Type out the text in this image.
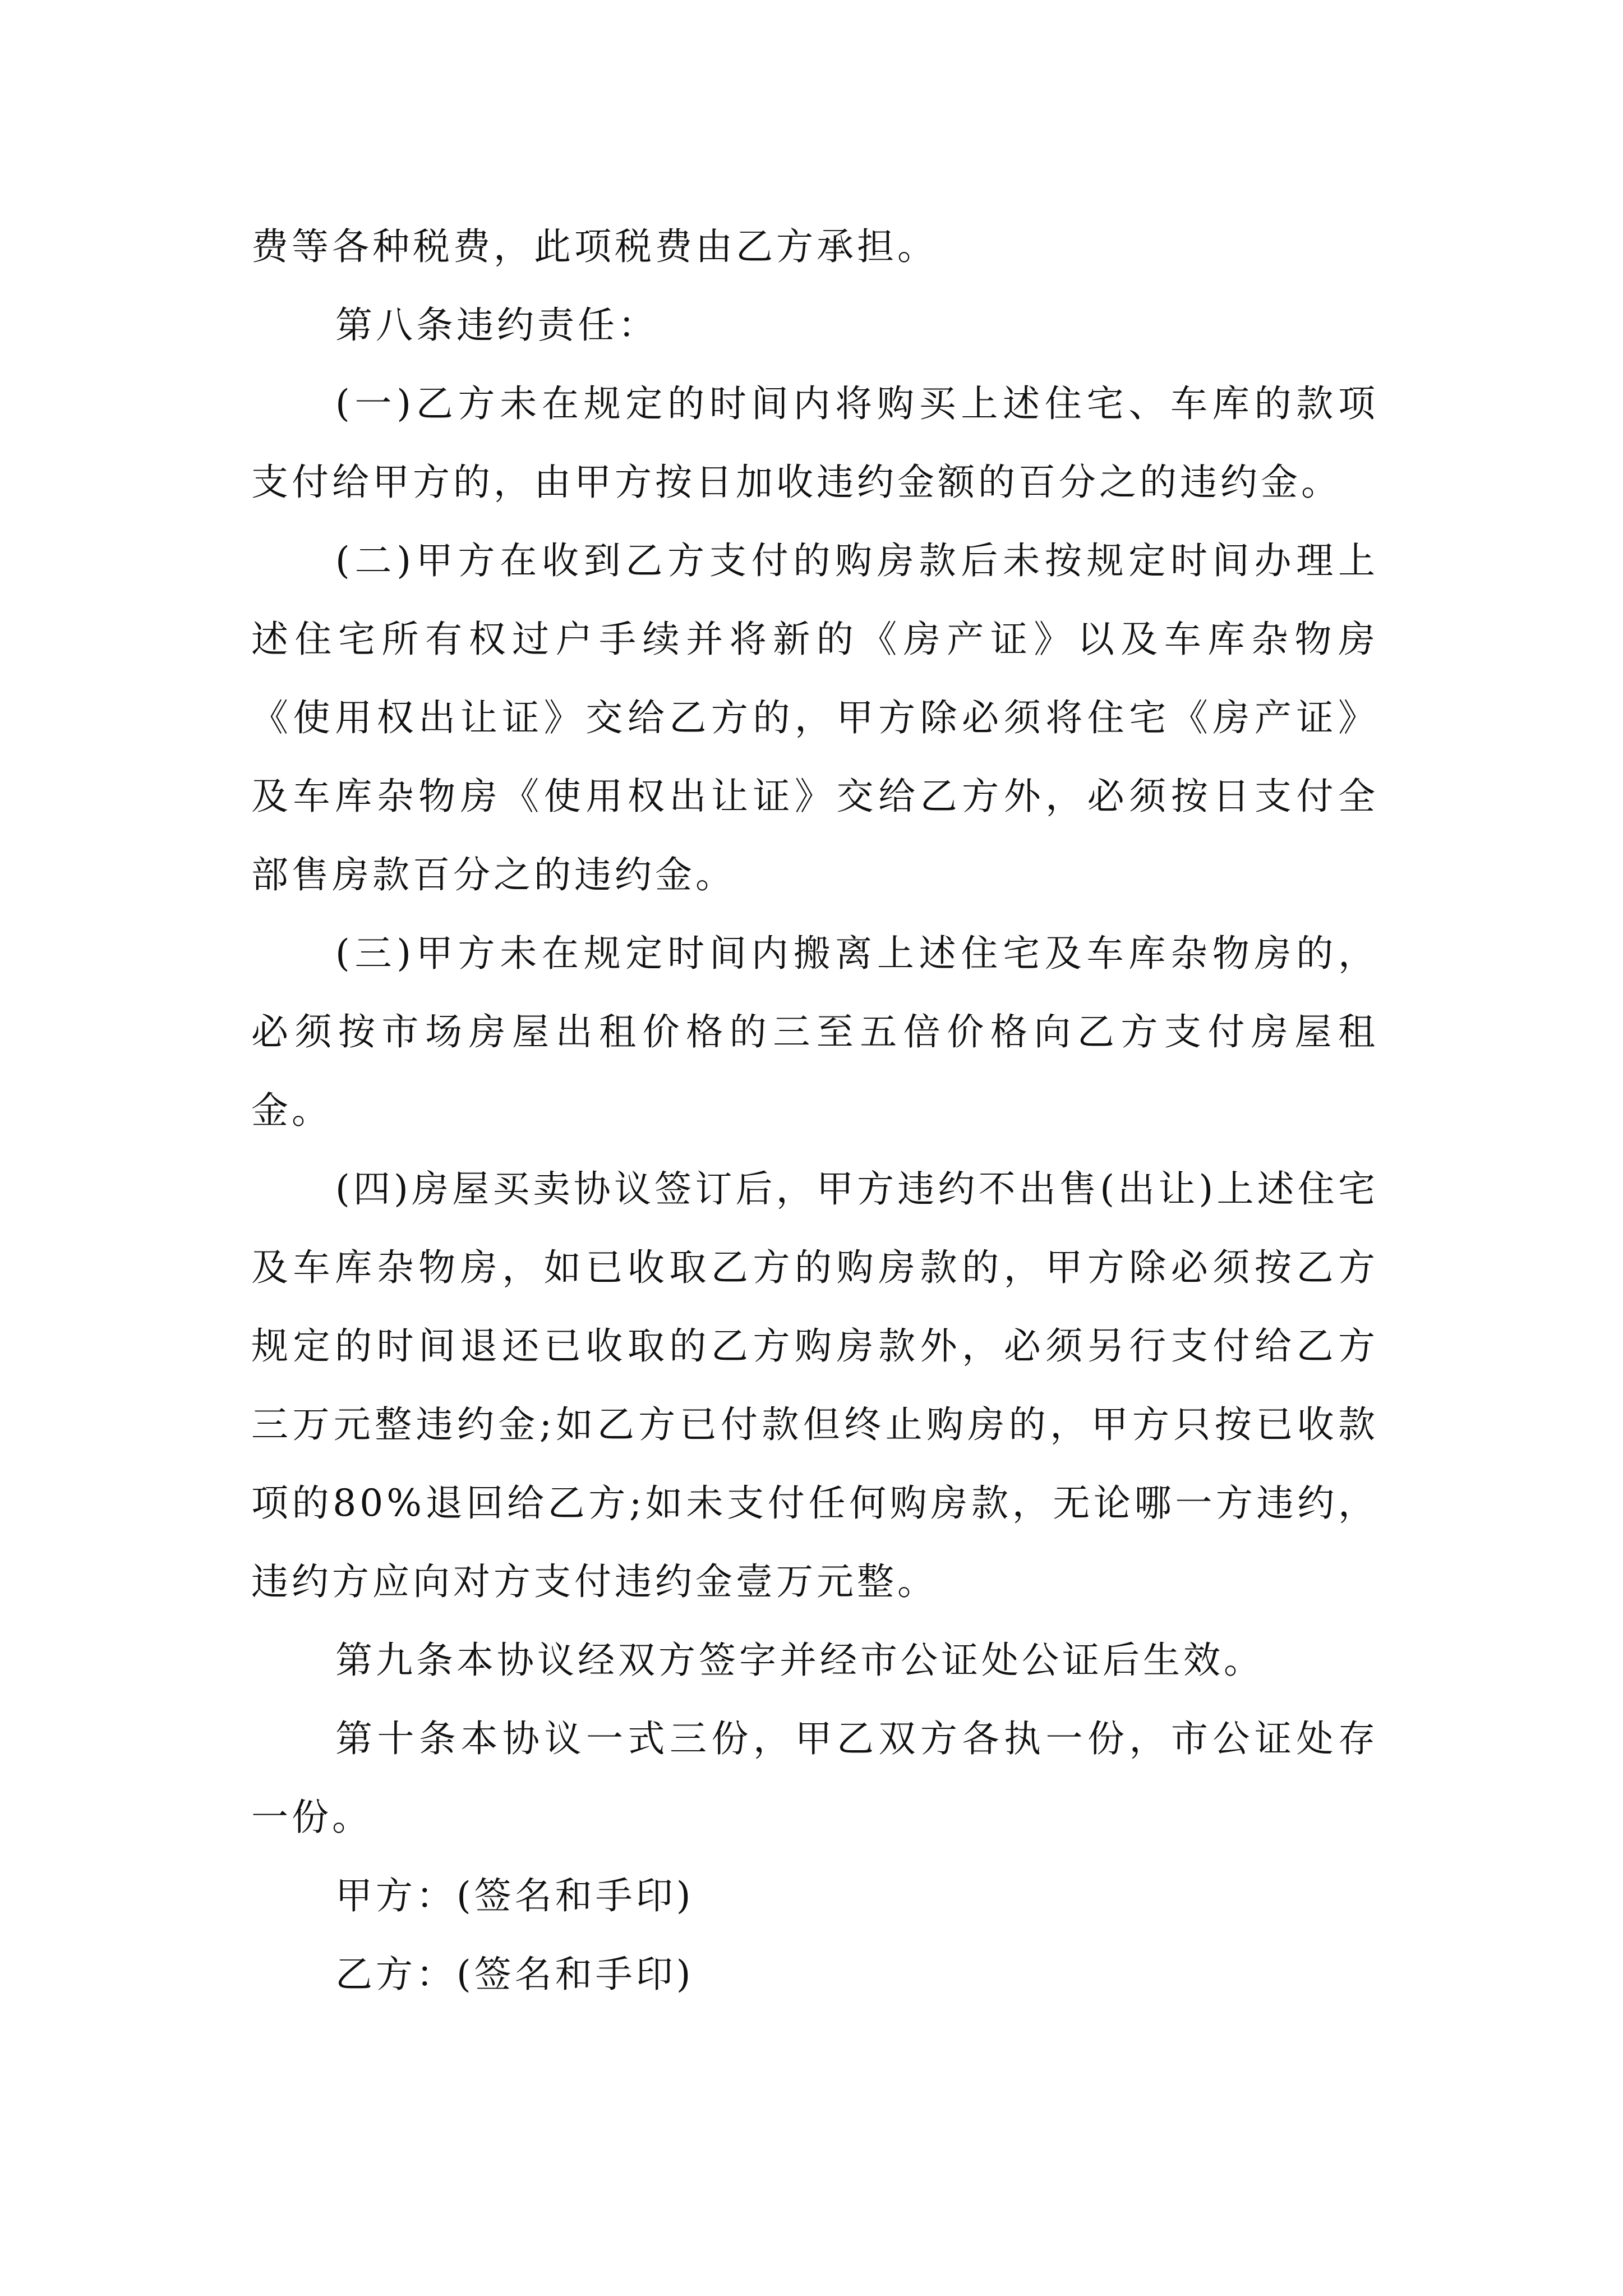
费等各种税费，此项税费由乙方承担。

第八条违约责任：

(一)乙方未在规定的时间内将购买上述住宅、车库的款项支付给甲方的，由甲方按日加收违约金额的百分之的违约金。

(二)甲方在收到乙方支付的购房款后未按规定时间办理上述住宅所有权过户手续并将新的《房产证》以及车库杂物房《使用权出让证》交给乙方的，甲方除必须将住宅《房产证》及车库杂物房《使用权出让证》交给乙方外，必须按日支付全部售房款百分之的违约金。

(三)甲方未在规定时间内搬离上述住宅及车库杂物房的，必须按市场房屋出租价格的三至五倍价格向乙方支付房屋租金。

(四)房屋买卖协议签订后，甲方违约不出售(出让)上述住宅及车库杂物房，如已收取乙方的购房款的，甲方除必须按乙方规定的时间退还已收取的乙方购房款外，必须另行支付给乙方三万元整违约金;如乙方已付款但终止购房的，甲方只按已收款项的80%退回给乙方;如未支付任何购房款，无论哪一方违约，违约方应向对方支付违约金壹万元整。

第九条本协议经双方签字并经市公证处公证后生效。

第十条本协议一式三份，甲乙双方各执一份，市公证处存一份。

甲方：(签名和手印)

乙方：(签名和手印)
